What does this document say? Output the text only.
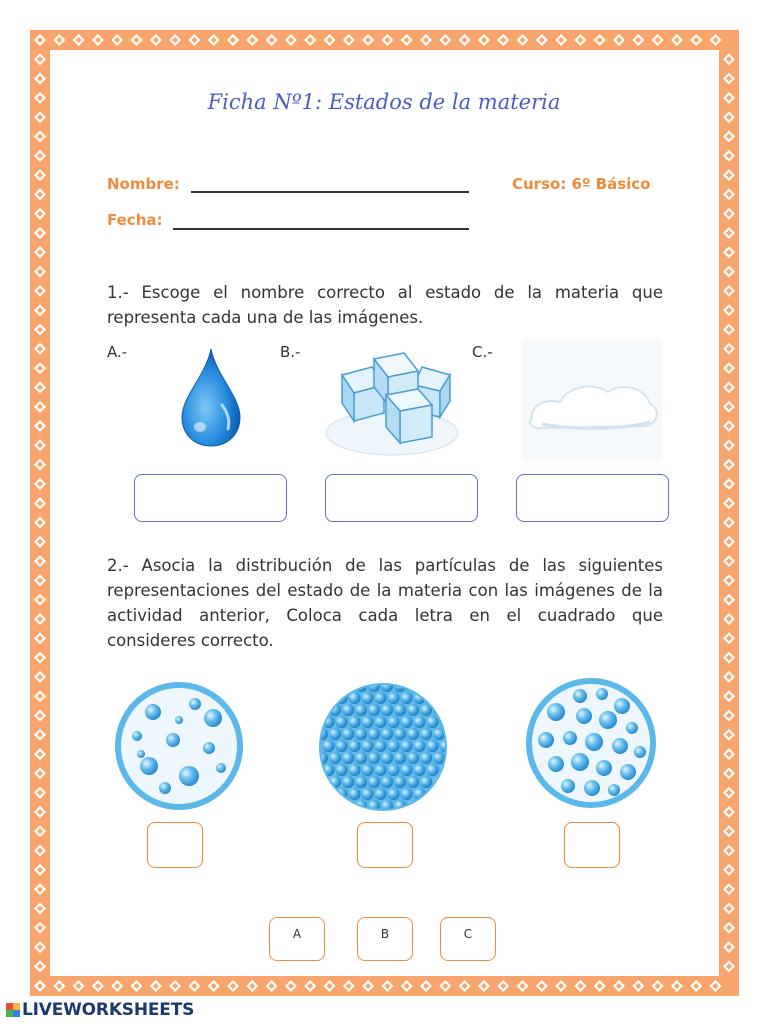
Ficha Nº1: Estados de la materia
Nombre:	Curso: 6º Básico
Fecha:
1.- Escoge el nombre correcto al estado de la materia que representa cada una de las imágenes.
A.-	B.-	C.-
2.- Asocia la distribución de las partículas de las siguientes representaciones del estado de la materia con las imágenes de la actividad anterior, Coloca cada letra en el cuadrado que consideres correcto.
A	B	C
LIVEWORKSHEETS
